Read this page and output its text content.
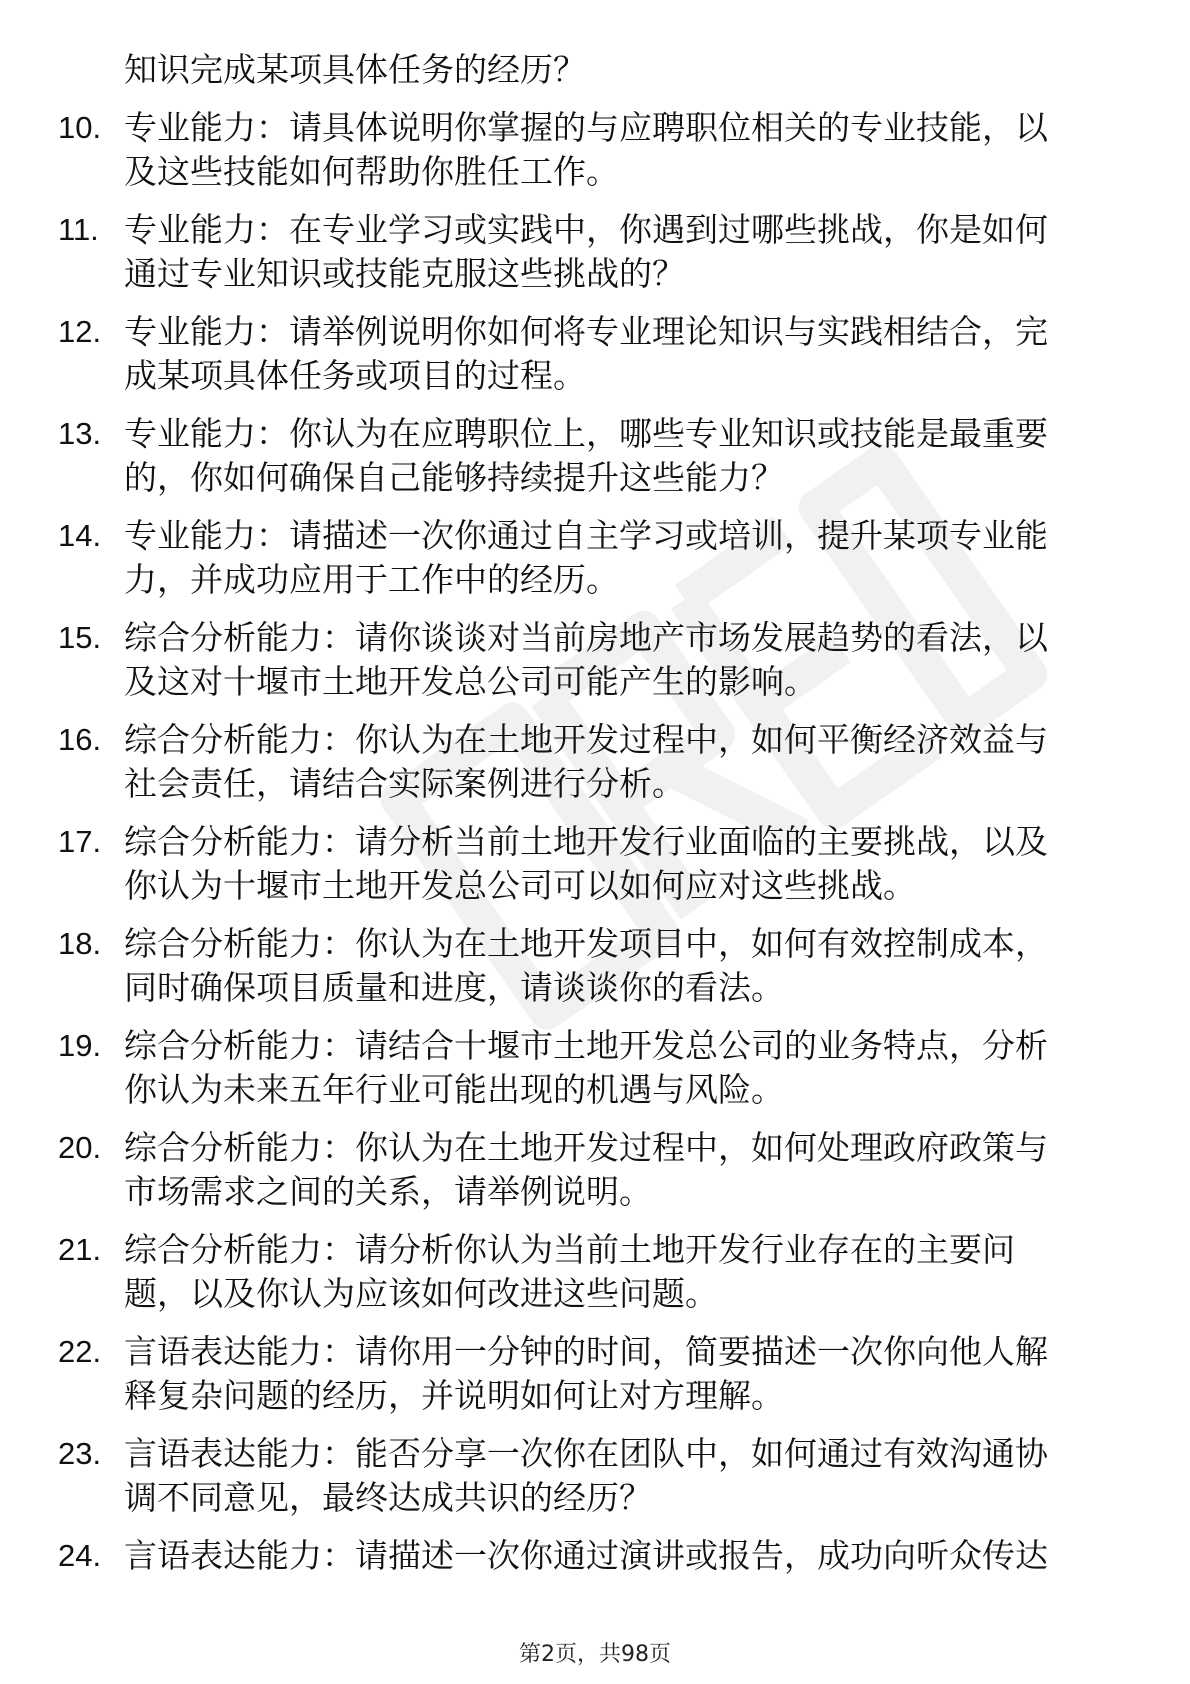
知识完成某项具体任务的经历？
10. 专业能力：请具体说明你掌握的与应聘职位相关的专业技能，以
及这些技能如何帮助你胜任工作。
11. 专业能力：在专业学习或实践中，你遇到过哪些挑战，你是如何
通过专业知识或技能克服这些挑战的？
12. 专业能力：请举例说明你如何将专业理论知识与实践相结合，完
成某项具体任务或项目的过程。
13. 专业能力：你认为在应聘职位上，哪些专业知识或技能是最重要
的，你如何确保自己能够持续提升这些能力？
14. 专业能力：请描述一次你通过自主学习或培训，提升某项专业能
力，并成功应用于工作中的经历。
15. 综合分析能力：请你谈谈对当前房地产市场发展趋势的看法，以
及这对十堰市土地开发总公司可能产生的影响。
16. 综合分析能力：你认为在土地开发过程中，如何平衡经济效益与
社会责任，请结合实际案例进行分析。
17. 综合分析能力：请分析当前土地开发行业面临的主要挑战，以及
你认为十堰市土地开发总公司可以如何应对这些挑战。
18. 综合分析能力：你认为在土地开发项目中，如何有效控制成本，
同时确保项目质量和进度，请谈谈你的看法。
19. 综合分析能力：请结合十堰市土地开发总公司的业务特点，分析
你认为未来五年行业可能出现的机遇与风险。
20. 综合分析能力：你认为在土地开发过程中，如何处理政府政策与
市场需求之间的关系，请举例说明。
21. 综合分析能力：请分析你认为当前土地开发行业存在的主要问
题，以及你认为应该如何改进这些问题。
22. 言语表达能力：请你用一分钟的时间，简要描述一次你向他人解
释复杂问题的经历，并说明如何让对方理解。
23. 言语表达能力：能否分享一次你在团队中，如何通过有效沟通协
调不同意见，最终达成共识的经历？
24. 言语表达能力：请描述一次你通过演讲或报告，成功向听众传达
第2页，共98页
